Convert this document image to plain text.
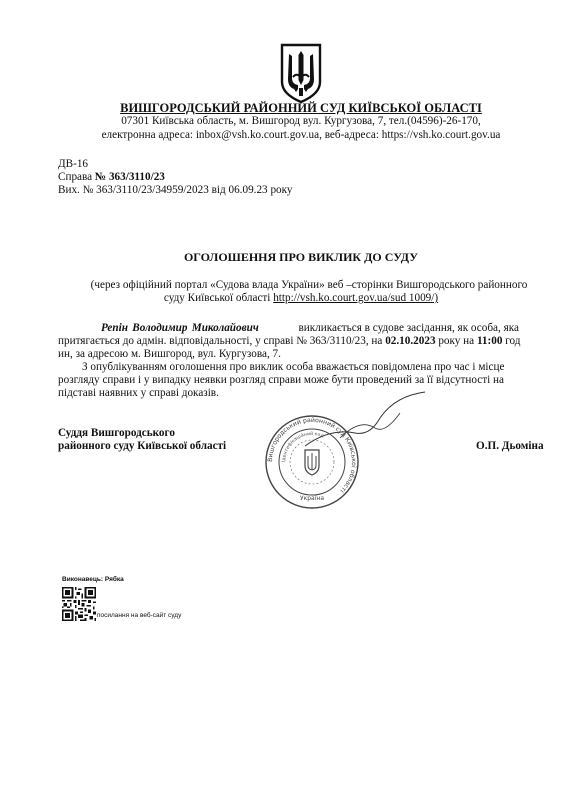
ВИШГОРОДСЬКИЙ РАЙОННИЙ СУД КИЇВСЬКОЇ ОБЛАСТІ
07301 Київська область, м. Вишгород вул. Кургузова, 7, тел.(04596)-26-170,
електронна адреса: inbox@vsh.ko.court.gov.ua, веб-адреса: https://vsh.ko.court.gov.ua
ДВ-16
Справа № 363/3110/23
Вих. № 363/3110/23/34959/2023 від 06.09.23 року
ОГОЛОШЕННЯ ПРО ВИКЛИК ДО СУДУ
(через офіційний портал «Судова влада України» веб –сторінки Вишгородського районного
суду Київської області http://vsh.ko.court.gov.ua/sud 1009/)
Репін Володимир Миколайович	викликається в судове засідання, як особа, яка
притягається до адмін. відповідальності, у справі № 363/3110/23, на 02.10.2023 року на 11:00 год
ин, за адресою м. Вишгород, вул. Кургузова, 7.
З опублікуванням оголошення про виклик особа вважається повідомлена про час і місце
розгляду справи і у випадку неявки розгляд справи може бути проведений за її відсутності на
підставі наявних у справі доказів.
Суддя Вишгородського
районного суду Київської області	О.П. Дьоміна
Вишгородський районний суд Київської області
Ідентифікаційний код
Україна
Виконавець: Рябка
посилання на веб-сайт суду
